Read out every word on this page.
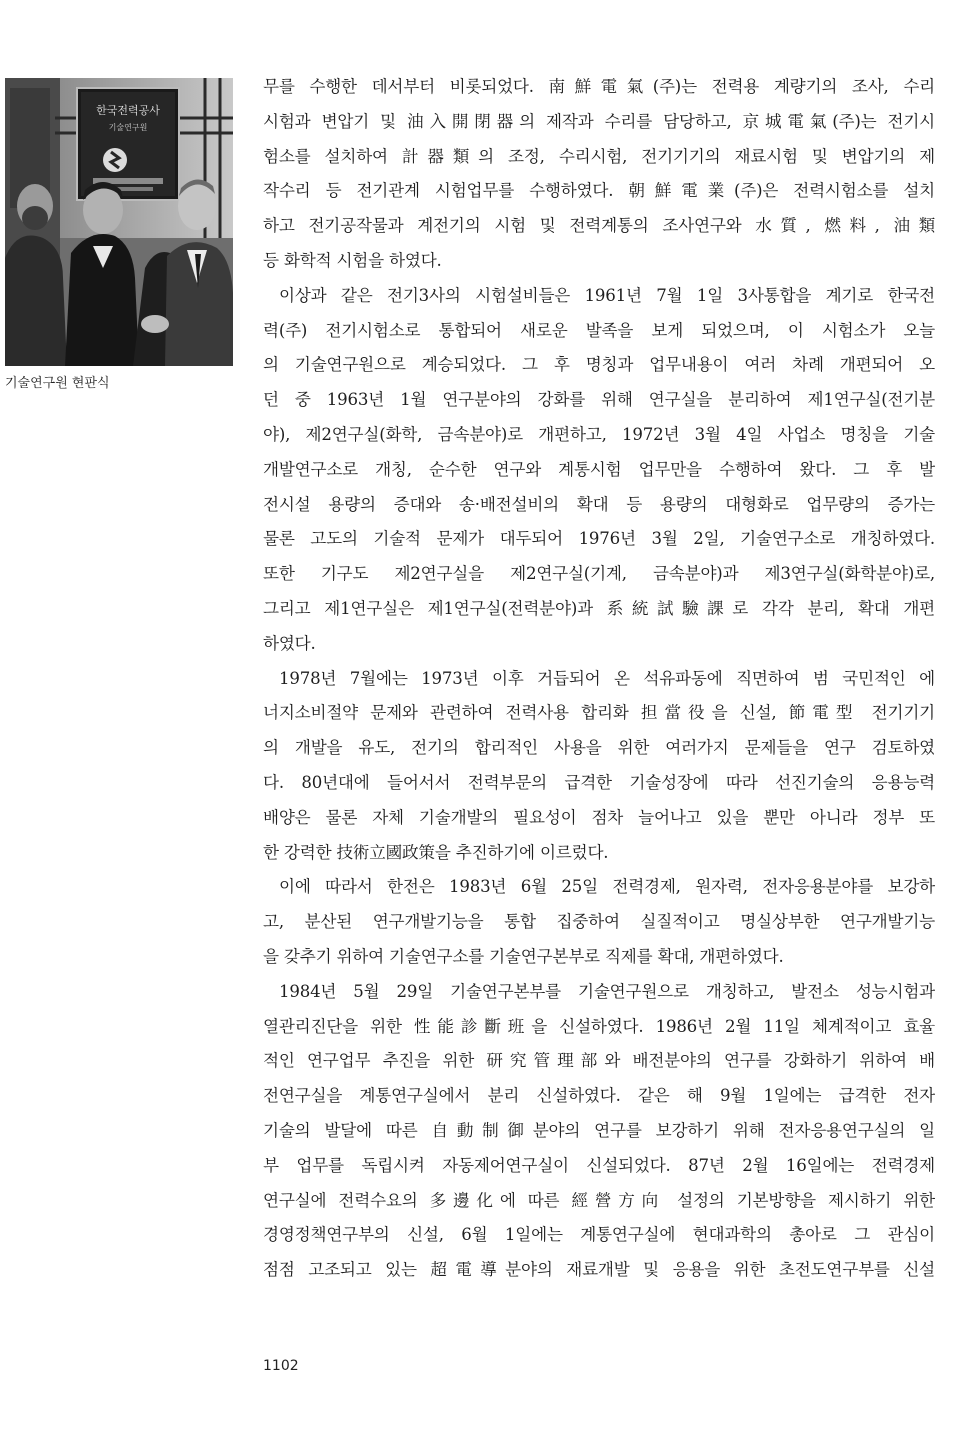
한국전력공사
기술연구원
기술연구원 현판식
무를 수행한 데서부터 비롯되었다. 南鮮電氣(주)는 전력용 계량기의 조사, 수리
시험과 변압기 및 油入開閉器의 제작과 수리를 담당하고, 京城電氣(주)는 전기시
험소를 설치하여 計器類의 조정, 수리시험, 전기기기의 재료시험 및 변압기의 제
작수리 등 전기관계 시험업무를 수행하였다. 朝鮮電業(주)은 전력시험소를 설치
하고 전기공작물과 계전기의 시험 및 전력계통의 조사연구와 水質, 燃料, 油類
등 화학적 시험을 하였다.
이상과 같은 전기3사의 시험설비들은 1961년 7월 1일 3사통합을 계기로 한국전
력(주) 전기시험소로 통합되어 새로운 발족을 보게 되었으며, 이 시험소가 오늘
의 기술연구원으로 계승되었다. 그 후 명칭과 업무내용이 여러 차례 개편되어 오
던 중 1963년 1월 연구분야의 강화를 위해 연구실을 분리하여 제1연구실(전기분
야), 제2연구실(화학, 금속분야)로 개편하고, 1972년 3월 4일 사업소 명칭을 기술
개발연구소로 개칭, 순수한 연구와 계통시험 업무만을 수행하여 왔다. 그 후 발
전시설 용량의 증대와 송·배전설비의 확대 등 용량의 대형화로 업무량의 증가는
물론 고도의 기술적 문제가 대두되어 1976년 3월 2일, 기술연구소로 개칭하였다.
또한 기구도 제2연구실을 제2연구실(기계, 금속분야)과 제3연구실(화학분야)로,
그리고 제1연구실은 제1연구실(전력분야)과 系統試驗課로 각각 분리, 확대 개편
하였다.
1978년 7월에는 1973년 이후 거듭되어 온 석유파동에 직면하여 범 국민적인 에
너지소비절약 문제와 관련하여 전력사용 합리화 担當役을 신설, 節電型 전기기기
의 개발을 유도, 전기의 합리적인 사용을 위한 여러가지 문제들을 연구 검토하였
다. 80년대에 들어서서 전력부문의 급격한 기술성장에 따라 선진기술의 응용능력
배양은 물론 자체 기술개발의 필요성이 점차 늘어나고 있을 뿐만 아니라 정부 또
한 강력한 技術立國政策을 추진하기에 이르렀다.
이에 따라서 한전은 1983년 6월 25일 전력경제, 원자력, 전자응용분야를 보강하
고, 분산된 연구개발기능을 통합 집중하여 실질적이고 명실상부한 연구개발기능
을 갖추기 위하여 기술연구소를 기술연구본부로 직제를 확대, 개편하였다.
1984년 5월 29일 기술연구본부를 기술연구원으로 개칭하고, 발전소 성능시험과
열관리진단을 위한 性能診斷班을 신설하였다. 1986년 2월 11일 체계적이고 효율
적인 연구업무 추진을 위한 研究管理部와 배전분야의 연구를 강화하기 위하여 배
전연구실을 계통연구실에서 분리 신설하였다. 같은 해 9월 1일에는 급격한 전자
기술의 발달에 따른 自動制御분야의 연구를 보강하기 위해 전자응용연구실의 일
부 업무를 독립시켜 자동제어연구실이 신설되었다. 87년 2월 16일에는 전력경제
연구실에 전력수요의 多邊化에 따른 經營方向 설정의 기본방향을 제시하기 위한
경영정책연구부의 신설, 6월 1일에는 계통연구실에 현대과학의 총아로 그 관심이
점점 고조되고 있는 超電導분야의 재료개발 및 응용을 위한 초전도연구부를 신설
1102
